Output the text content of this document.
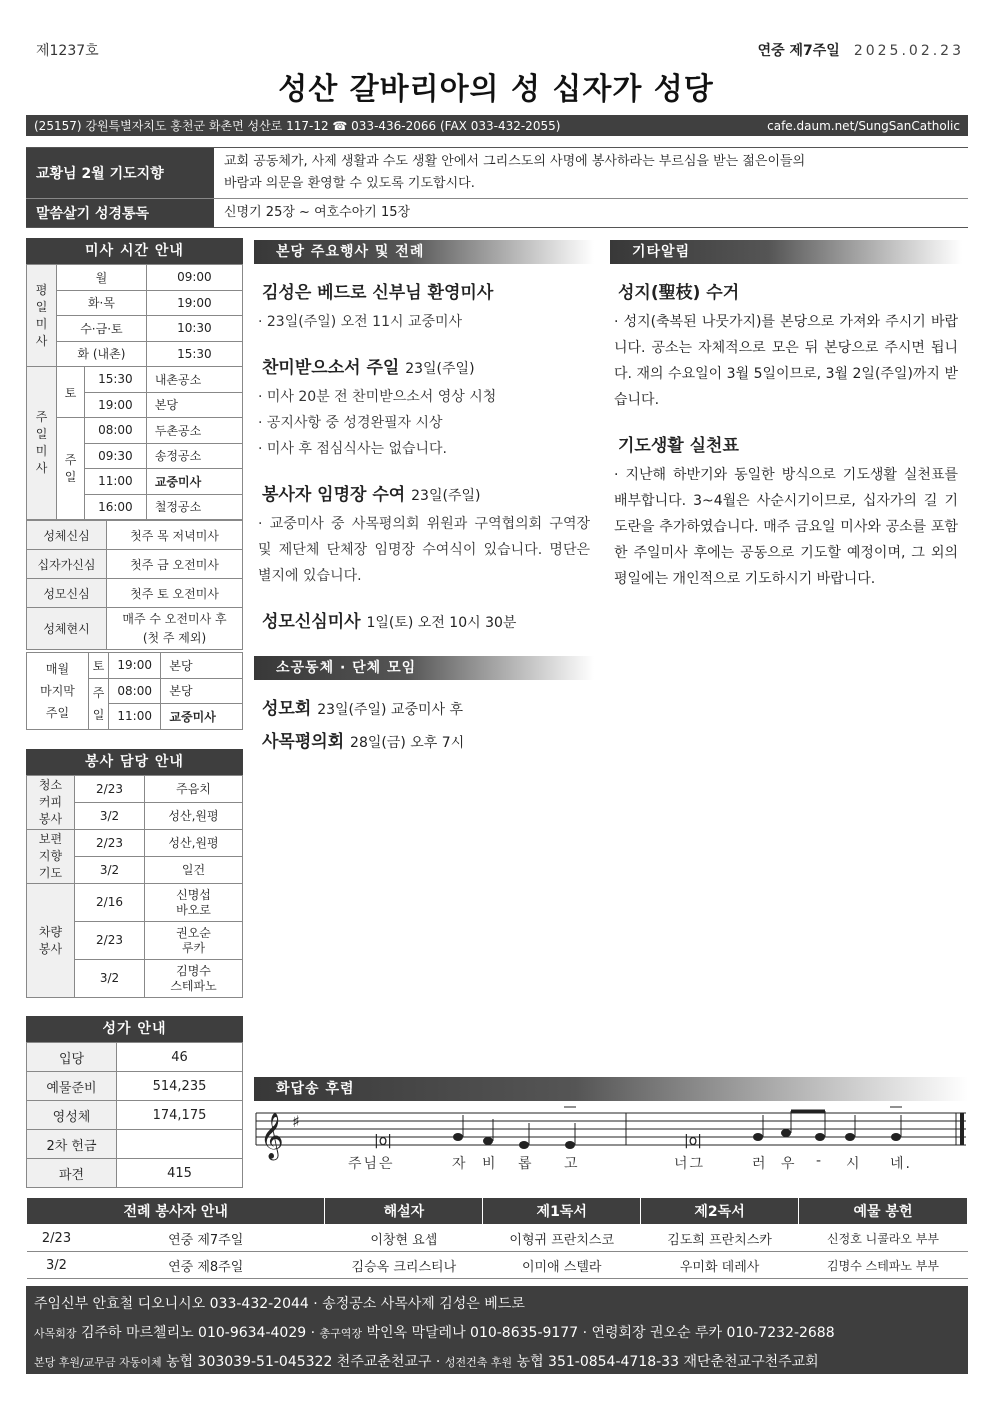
제1237호	연중 제7주일 2025.02.23
성산 갈바리아의 성 십자가 성당
(25157) 강원특별자치도 홍천군 화촌면 성산로 117-12 ☎ 033-436-2066 (FAX 033-432-2055)	cafe.daum.net/SungSanCatholic
교황님 2월 기도지향
교회 공동체가, 사제 생활과 수도 생활 안에서 그리스도의 사명에 봉사하라는 부르심을 받는 젊은이들의
바람과 의문을 환영할 수 있도록 기도합시다.
말씀살기 성경통독	신명기 25장 ~ 여호수아기 15장
미사 시간 안내
평
일
미
사	월		09:00
	화·목		19:00
	수·금·토		10:30
	화 (내촌)		15:30
주
일
미
사	토	15:30	내촌공소
		19:00	본당
	주
일	08:00	두촌공소
		09:30	송정공소
		11:00	교중미사
		16:00	철정공소
성체신심	첫주 목 저녁미사
십자가신심	첫주 금 오전미사
성모신심	첫주 토 오전미사
성체현시	매주 수 오전미사 후
(첫 주 제외)
매월
마지막
주일	토	19:00	본당
	주
일	08:00	본당
		11:00	교중미사
봉사 담당 안내
청소
커피
봉사	2/23	주음치
	3/2	성산,원평
보편
지향
기도	2/23	성산,원평
	3/2	일건
차량
봉사	2/16	신명섭
바오로
	2/23	권오순
루카
	3/2	김명수
스테파노
성가 안내
입당	46
예물준비	514,235
영성체	174,175
2차 헌금	
파견	415
본당 주요행사 및 전례
김성은 베드로 신부님 환영미사
· 23일(주일) 오전 11시 교중미사
찬미받으소서 주일 23일(주일)
· 미사 20분 전 찬미받으소서 영상 시청
· 공지사항 중 성경완필자 시상
· 미사 후 점심식사는 없습니다.
봉사자 임명장 수여 23일(주일)
· 교중미사 중 사목평의회 위원과 구역협의회 구역장 및 제단체 단체장 임명장 수여식이 있습니다. 명단은 별지에 있습니다.
성모신심미사 1일(토) 오전 10시 30분
소공동체 · 단체 모임
성모회 23일(주일) 교중미사 후
사목평의회 28일(금) 오후 7시
기타알림
성지(聖枝) 수거
· 성지(축복된 나뭇가지)를 본당으로 가져와 주시기 바랍니다. 공소는 자체적으로 모은 뒤 본당으로 주시면 됩니다. 재의 수요일이 3월 5일이므로, 3월 2일(주일)까지 받습니다.
기도생활 실천표
· 지난해 하반기와 동일한 방식으로 기도생활 실천표를 배부합니다. 3~4월은 사순시기이므로, 십자가의 길 기도란을 추가하였습니다. 매주 금요일 미사와 공소를 포함한 주일미사 후에는 공동으로 기도할 예정이며, 그 외의 평일에는 개인적으로 기도하시기 바랍니다.
화답송 후렴
𝄞 ♯
|o|	|o|
주님은	자 비 롭 고	너그	러 우 - 시 네.
전례 봉사자 안내		해설자	제1독서	제2독서	예물 봉헌
2/23	연중 제7주일	이창현 요셉	이형귀 프란치스코	김도희 프란치스카	신정호 니콜라오 부부
3/2	연중 제8주일	김승옥 크리스티나	이미애 스텔라	우미화 데레사	김명수 스테파노 부부
주임신부 안효철 디오니시오 033-432-2044 · 송정공소 사목사제 김성은 베드로
사목회장 김주하 마르첼리노 010-9634-4029 · 총구역장 박인옥 막달레나 010-8635-9177 · 연령회장 권오순 루카 010-7232-2688
본당 후원/교무금 자동이체 농협 303039-51-045322 천주교춘천교구 · 성전건축 후원 농협 351-0854-4718-33 재단춘천교구천주교회
